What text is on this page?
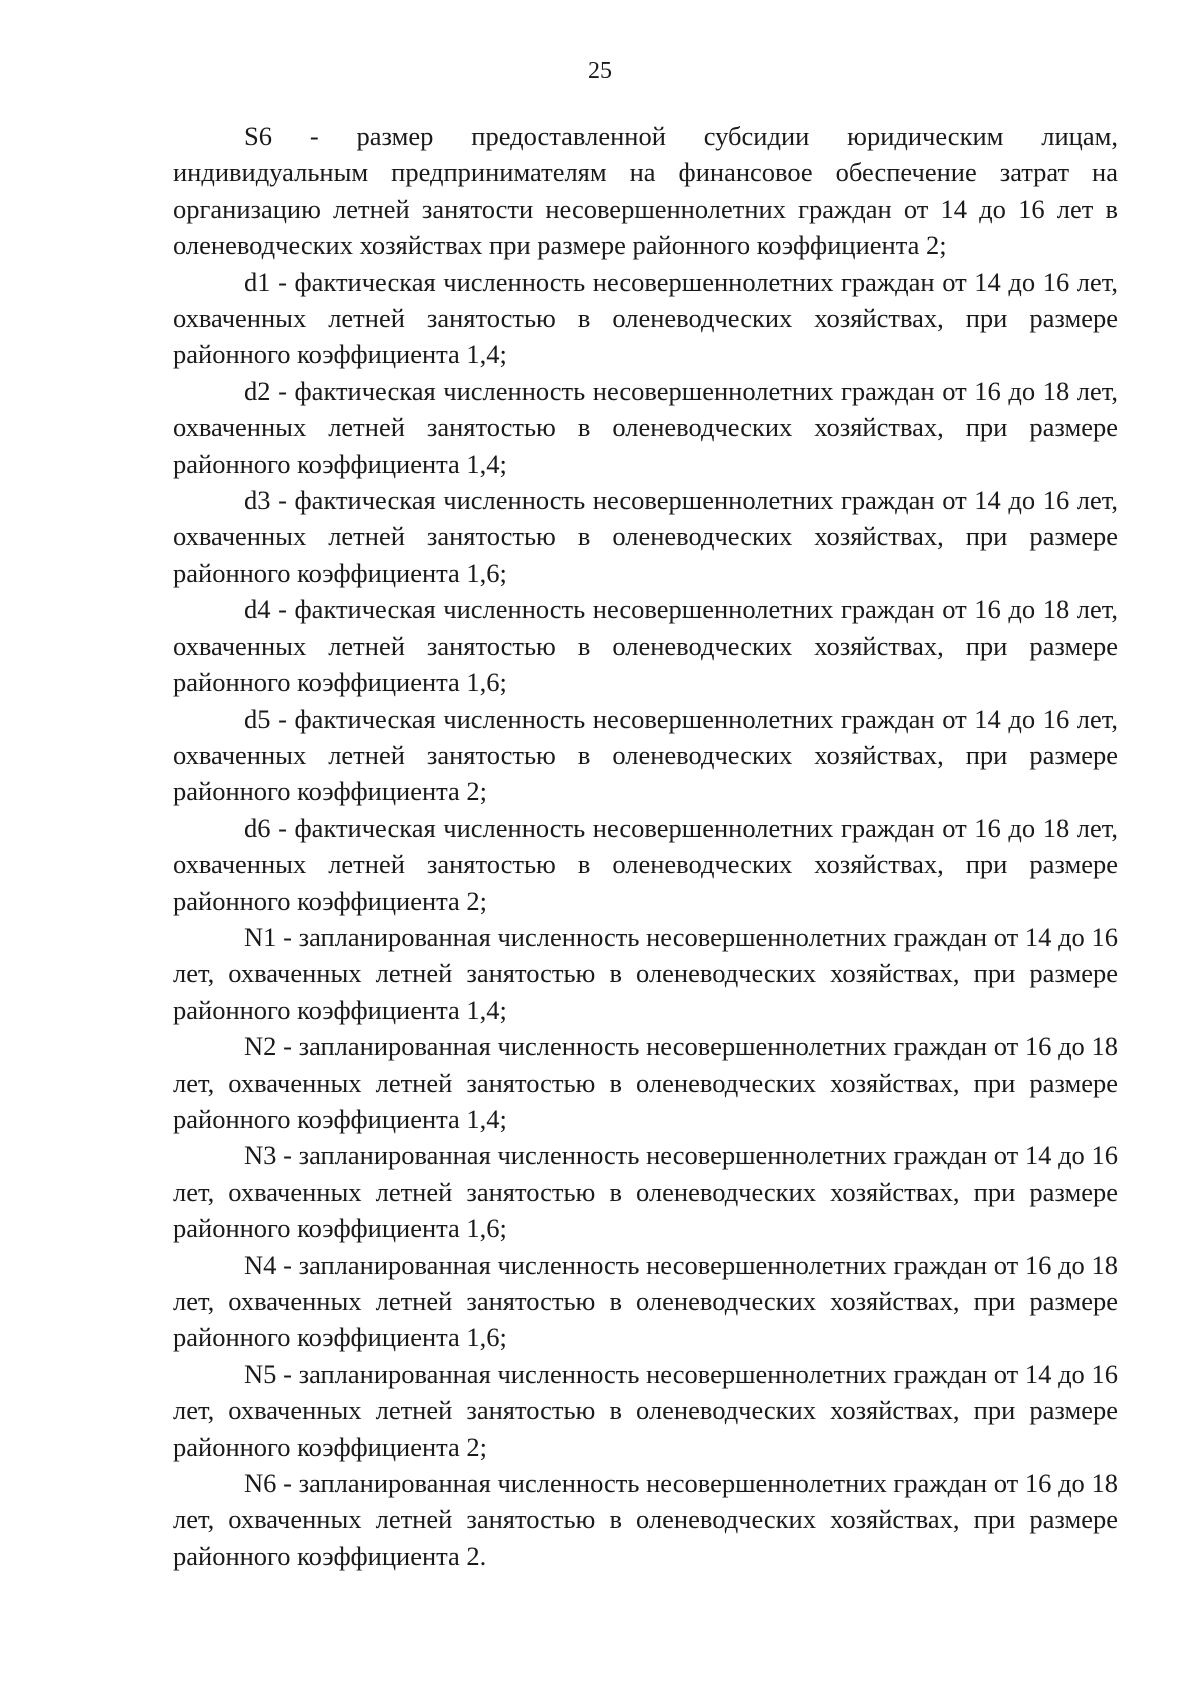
25

S6 - размер предоставленной субсидии юридическим лицам, индивидуальным предпринимателям на финансовое обеспечение затрат на организацию летней занятости несовершеннолетних граждан от 14 до 16 лет в оленеводческих хозяйствах при размере районного коэффициента 2;

d1 - фактическая численность несовершеннолетних граждан от 14 до 16 лет, охваченных летней занятостью в оленеводческих хозяйствах, при размере районного коэффициента 1,4;

d2 - фактическая численность несовершеннолетних граждан от 16 до 18 лет, охваченных летней занятостью в оленеводческих хозяйствах, при размере районного коэффициента 1,4;

d3 - фактическая численность несовершеннолетних граждан от 14 до 16 лет, охваченных летней занятостью в оленеводческих хозяйствах, при размере районного коэффициента 1,6;

d4 - фактическая численность несовершеннолетних граждан от 16 до 18 лет, охваченных летней занятостью в оленеводческих хозяйствах, при размере районного коэффициента 1,6;

d5 - фактическая численность несовершеннолетних граждан от 14 до 16 лет, охваченных летней занятостью в оленеводческих хозяйствах, при размере районного коэффициента 2;

d6 - фактическая численность несовершеннолетних граждан от 16 до 18 лет, охваченных летней занятостью в оленеводческих хозяйствах, при размере районного коэффициента 2;

N1 - запланированная численность несовершеннолетних граждан от 14 до 16 лет, охваченных летней занятостью в оленеводческих хозяйствах, при размере районного коэффициента 1,4;

N2 - запланированная численность несовершеннолетних граждан от 16 до 18 лет, охваченных летней занятостью в оленеводческих хозяйствах, при размере районного коэффициента 1,4;

N3 - запланированная численность несовершеннолетних граждан от 14 до 16 лет, охваченных летней занятостью в оленеводческих хозяйствах, при размере районного коэффициента 1,6;

N4 - запланированная численность несовершеннолетних граждан от 16 до 18 лет, охваченных летней занятостью в оленеводческих хозяйствах, при размере районного коэффициента 1,6;

N5 - запланированная численность несовершеннолетних граждан от 14 до 16 лет, охваченных летней занятостью в оленеводческих хозяйствах, при размере районного коэффициента 2;

N6 - запланированная численность несовершеннолетних граждан от 16 до 18 лет, охваченных летней занятостью в оленеводческих хозяйствах, при размере районного коэффициента 2.
